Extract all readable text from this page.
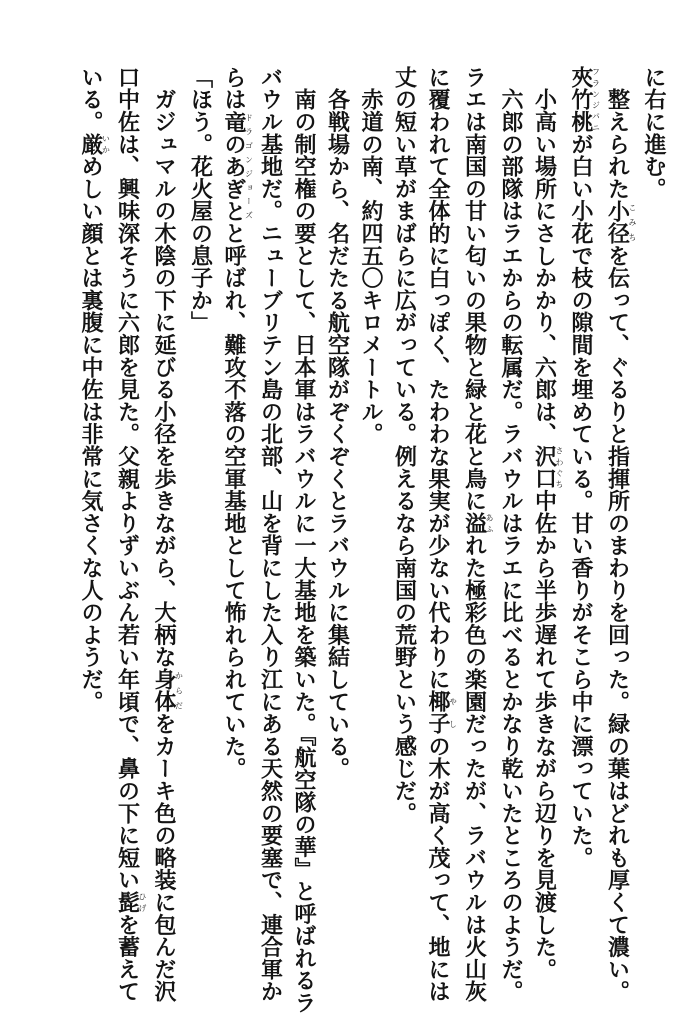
に右に進む。
　整えられた小径こみちを伝って、ぐるりと指揮所のまわりを回った。緑の葉はどれも厚くて濃い。
夾竹桃フランジパニが白い小花で枝の隙間を埋めている。甘い香りがそこら中に漂っていた。
　小高い場所にさしかかり、六郎は、沢口さわぐち中佐から半歩遅れて歩きながら辺りを見渡した。
　六郎の部隊はラエからの転属だ。ラバウルはラエに比べるとかなり乾いたところのようだ。
ラエは南国の甘い匂いの果物と緑と花と鳥に溢あふれた極彩色の楽園だったが、ラバウルは火山灰
に覆われて全体的に白っぽく、たわわな果実が少ない代わりに椰子やしの木が高く茂って、地には
丈の短い草がまばらに広がっている。例えるなら南国の荒野という感じだ。
　赤道の南、約四五〇キロメートル。
　各戦場から、名だたる航空隊がぞくぞくとラバウルに集結している。
　南の制空権の要として、日本軍はラバウルに一大基地を築いた。『航空隊の華』と呼ばれるラ
バウル基地だ。ニューブリテン島の北部、山を背にした入り江にある天然の要塞で、連合軍か
らは竜のあぎとドラゴンジョーズと呼ばれ、難攻不落の空軍基地として怖れられていた。
「ほう。花火屋の息子か」
　ガジュマルの木陰の下に延びる小径を歩きながら、大柄な身体からだをカーキ色の略装に包んだ沢
口中佐は、興味深そうに六郎を見た。父親よりずいぶん若い年頃で、鼻の下に短い髭ひげを蓄えて
いる。厳いかめしい顔とは裏腹に中佐は非常に気さくな人のようだ。
